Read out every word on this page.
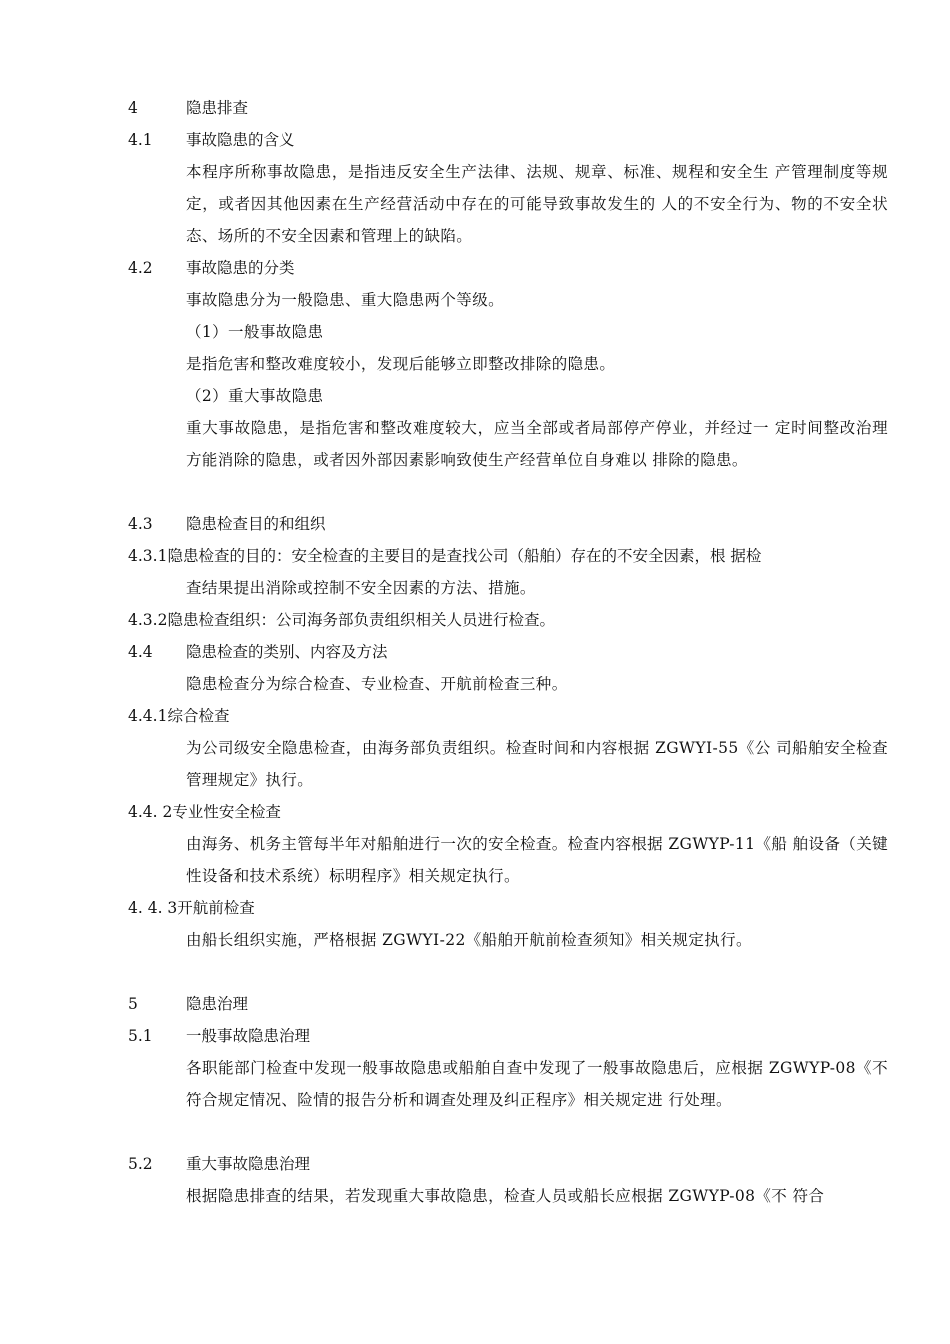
4	隐患排查
4.1 事故隐患的含义
本程序所称事故隐患，是指违反安全生产法律、法规、规章、标准、规程和安全生 产管理制度等规定，或者因其他因素在生产经营活动中存在的可能导致事故发生的 人的不安全行为、物的不安全状态、场所的不安全因素和管理上的缺陷。
4.2 事故隐患的分类
事故隐患分为一般隐患、重大隐患两个等级。
（1）一般事故隐患
是指危害和整改难度较小，发现后能够立即整改排除的隐患。
（2）重大事故隐患
重大事故隐患，是指危害和整改难度较大，应当全部或者局部停产停业，并经过一 定时间整改治理方能消除的隐患，或者因外部因素影响致使生产经营单位自身难以 排除的隐患。
4.3 隐患检查目的和组织
4.3.1隐患检查的目的：安全检查的主要目的是查找公司（船舶）存在的不安全因素，根 据检
查结果提出消除或控制不安全因素的方法、措施。
4.3.2隐患检查组织：公司海务部负责组织相关人员进行检查。
4.4 隐患检查的类别、内容及方法
隐患检查分为综合检查、专业检查、开航前检查三种。
4.4.1综合检查
为公司级安全隐患检查，由海务部负责组织。检查时间和内容根据 ZGWYI-55《公 司船舶安全检查管理规定》执行。
4.4. 2专业性安全检查
由海务、机务主管每半年对船舶进行一次的安全检查。检查内容根据 ZGWYP-11《船 舶设备（关键性设备和技术系统）标明程序》相关规定执行。
4. 4. 3开航前检查
由船长组织实施，严格根据 ZGWYI-22《船舶开航前检查须知》相关规定执行。
5	隐患治理
5.1 一般事故隐患治理
各职能部门检查中发现一般事故隐患或船舶自查中发现了一般事故隐患后，应根据 ZGWYP-08《不符合规定情况、险情的报告分析和调查处理及纠正程序》相关规定进 行处理。
5.2 重大事故隐患治理
根据隐患排查的结果，若发现重大事故隐患，检查人员或船长应根据 ZGWYP-08《不 符合
